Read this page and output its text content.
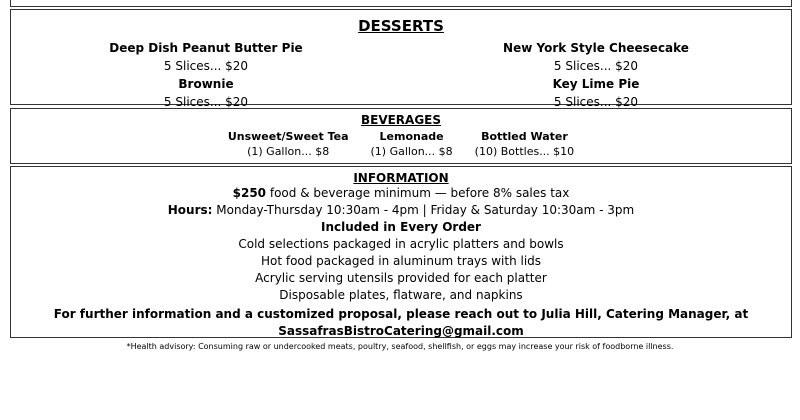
DESSERTS
Deep Dish Peanut Butter Pie
5 Slices... $20
Brownie
5 Slices... $20
New York Style Cheesecake
5 Slices... $20
Key Lime Pie
5 Slices... $20
BEVERAGES
Unsweet/Sweet Tea
(1) Gallon... $8
Lemonade
(1) Gallon... $8
Bottled Water
(10) Bottles... $10
INFORMATION
$250 food & beverage minimum — before 8% sales tax
Hours: Monday-Thursday 10:30am - 4pm | Friday & Saturday 10:30am - 3pm
Included in Every Order
Cold selections packaged in acrylic platters and bowls
Hot food packaged in aluminum trays with lids
Acrylic serving utensils provided for each platter
Disposable plates, flatware, and napkins
For further information and a customized proposal, please reach out to Julia Hill, Catering Manager, at SassafrasBistroCatering@gmail.com
*Health advisory: Consuming raw or undercooked meats, poultry, seafood, shellfish, or eggs may increase your risk of foodborne illness.
